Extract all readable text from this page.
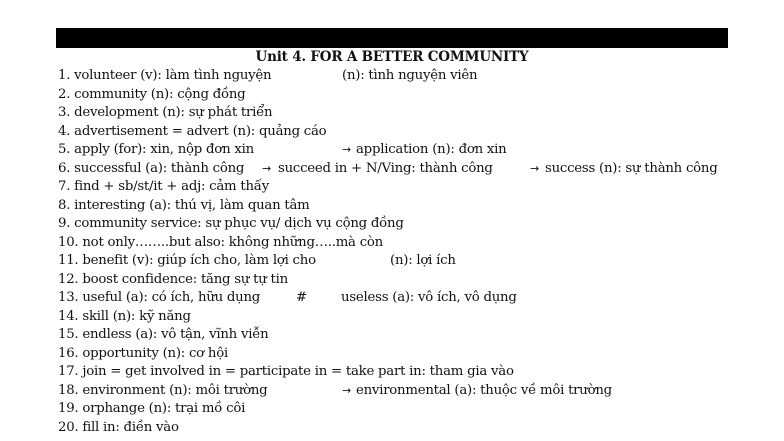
Unit 4. FOR A BETTER COMMUNITY
1. volunteer (v): làm tình nguyện	(n): tình nguyện viên
2. community (n): cộng đồng
3. development (n): sự phát triển
4. advertisement = advert (n): quảng cáo
5. apply (for): xin, nộp đơn xin	→ application (n): đơn xin
6. successful (a): thành công → succeed in + N/Ving: thành công	→ success (n): sự thành công
7. find + sb/st/it + adj: cảm thấy
8. interesting (a): thú vị, làm quan tâm
9. community service: sự phục vụ/ dịch vụ cộng đồng
10. not only……..but also: không những…..mà còn
11. benefit (v): giúp ích cho, làm lợi cho	(n): lợi ích
12. boost confidence: tăng sự tự tin
13. useful (a): có ích, hữu dụng	#	useless (a): vô ích, vô dụng
14. skill (n): kỹ năng
15. endless (a): vô tận, vĩnh viễn
16. opportunity (n): cơ hội
17. join = get involved in = participate in = take part in: tham gia vào
18. environment (n): môi trường	→ environmental (a): thuộc về môi trường
19. orphange (n): trại mồ côi
20. fill in: điền vào
